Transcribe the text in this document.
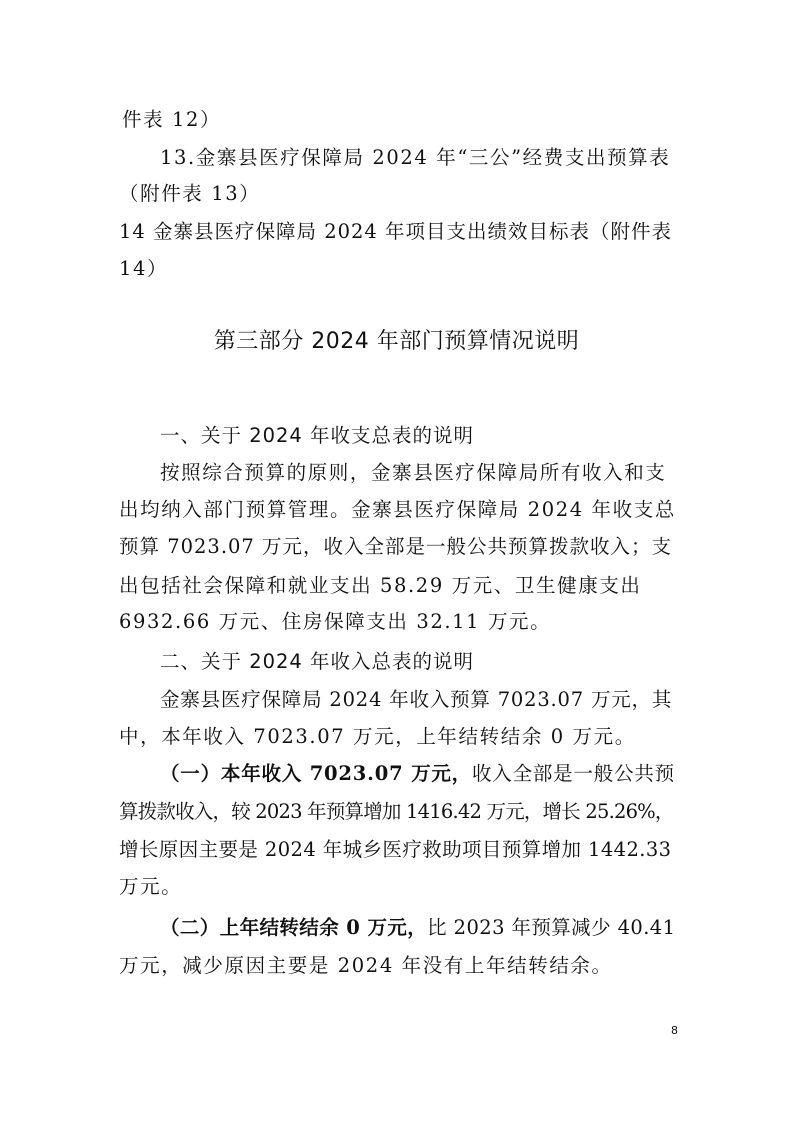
件表 12）
13.金寨县医疗保障局 2024 年“三公”经费支出预算表
（附件表 13）
14 金寨县医疗保障局 2024 年项目支出绩效目标表（附件表
14）
第三部分 2024 年部门预算情况说明
一、关于 2024 年收支总表的说明
按照综合预算的原则，金寨县医疗保障局所有收入和支
出均纳入部门预算管理。金寨县医疗保障局 2024 年收支总
预算 7023.07 万元，收入全部是一般公共预算拨款收入；支
出包括社会保障和就业支出 58.29 万元、卫生健康支出
6932.66 万元、住房保障支出 32.11 万元。
二、关于 2024 年收入总表的说明
金寨县医疗保障局 2024 年收入预算 7023.07 万元，其
中，本年收入 7023.07 万元，上年结转结余 0 万元。
（一）本年收入 7023.07 万元，收入全部是一般公共预
算拨款收入，较 2023 年预算增加 1416.42 万元，增长 25.26%，
增长原因主要是 2024 年城乡医疗救助项目预算增加 1442.33
万元。
（二）上年结转结余 0 万元，比 2023 年预算减少 40.41
万元，减少原因主要是 2024 年没有上年结转结余。
8
